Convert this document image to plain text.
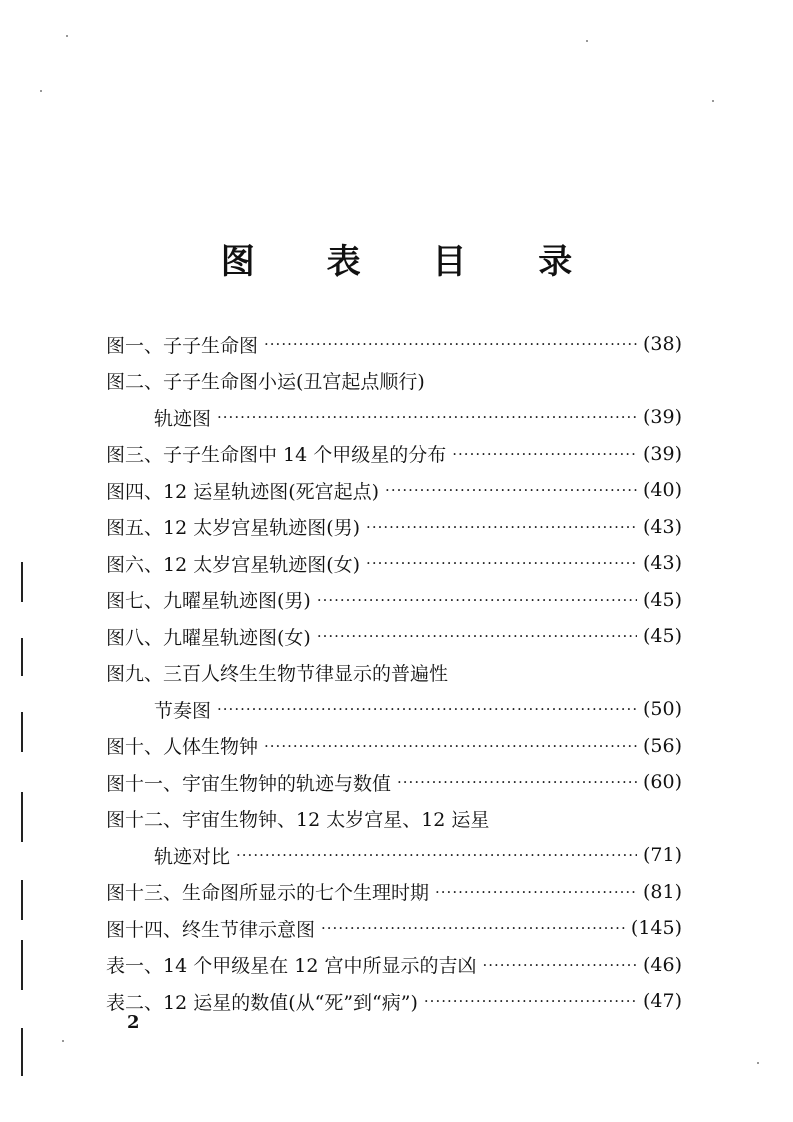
图 表 目 录
图一、子子生命图 ·····	(38)
图二、子子生命图小运(丑宫起点顺行)
轨迹图 ·····	(39)
图三、子子生命图中 14 个甲级星的分布 ·····	(39)
图四、12 运星轨迹图(死宫起点) ·····	(40)
图五、12 太岁宫星轨迹图(男) ·····	(43)
图六、12 太岁宫星轨迹图(女) ·····	(43)
图七、九曜星轨迹图(男) ·····	(45)
图八、九曜星轨迹图(女) ·····	(45)
图九、三百人终生生物节律显示的普遍性
节奏图 ·····	(50)
图十、人体生物钟 ·····	(56)
图十一、宇宙生物钟的轨迹与数值 ·····	(60)
图十二、宇宙生物钟、12 太岁宫星、12 运星
轨迹对比 ·····	(71)
图十三、生命图所显示的七个生理时期 ·····	(81)
图十四、终生节律示意图 ·····	(145)
表一、14 个甲级星在 12 宫中所显示的吉凶 ·····	(46)
表二、12 运星的数值(从“死”到“病”) ·····	(47)
2
